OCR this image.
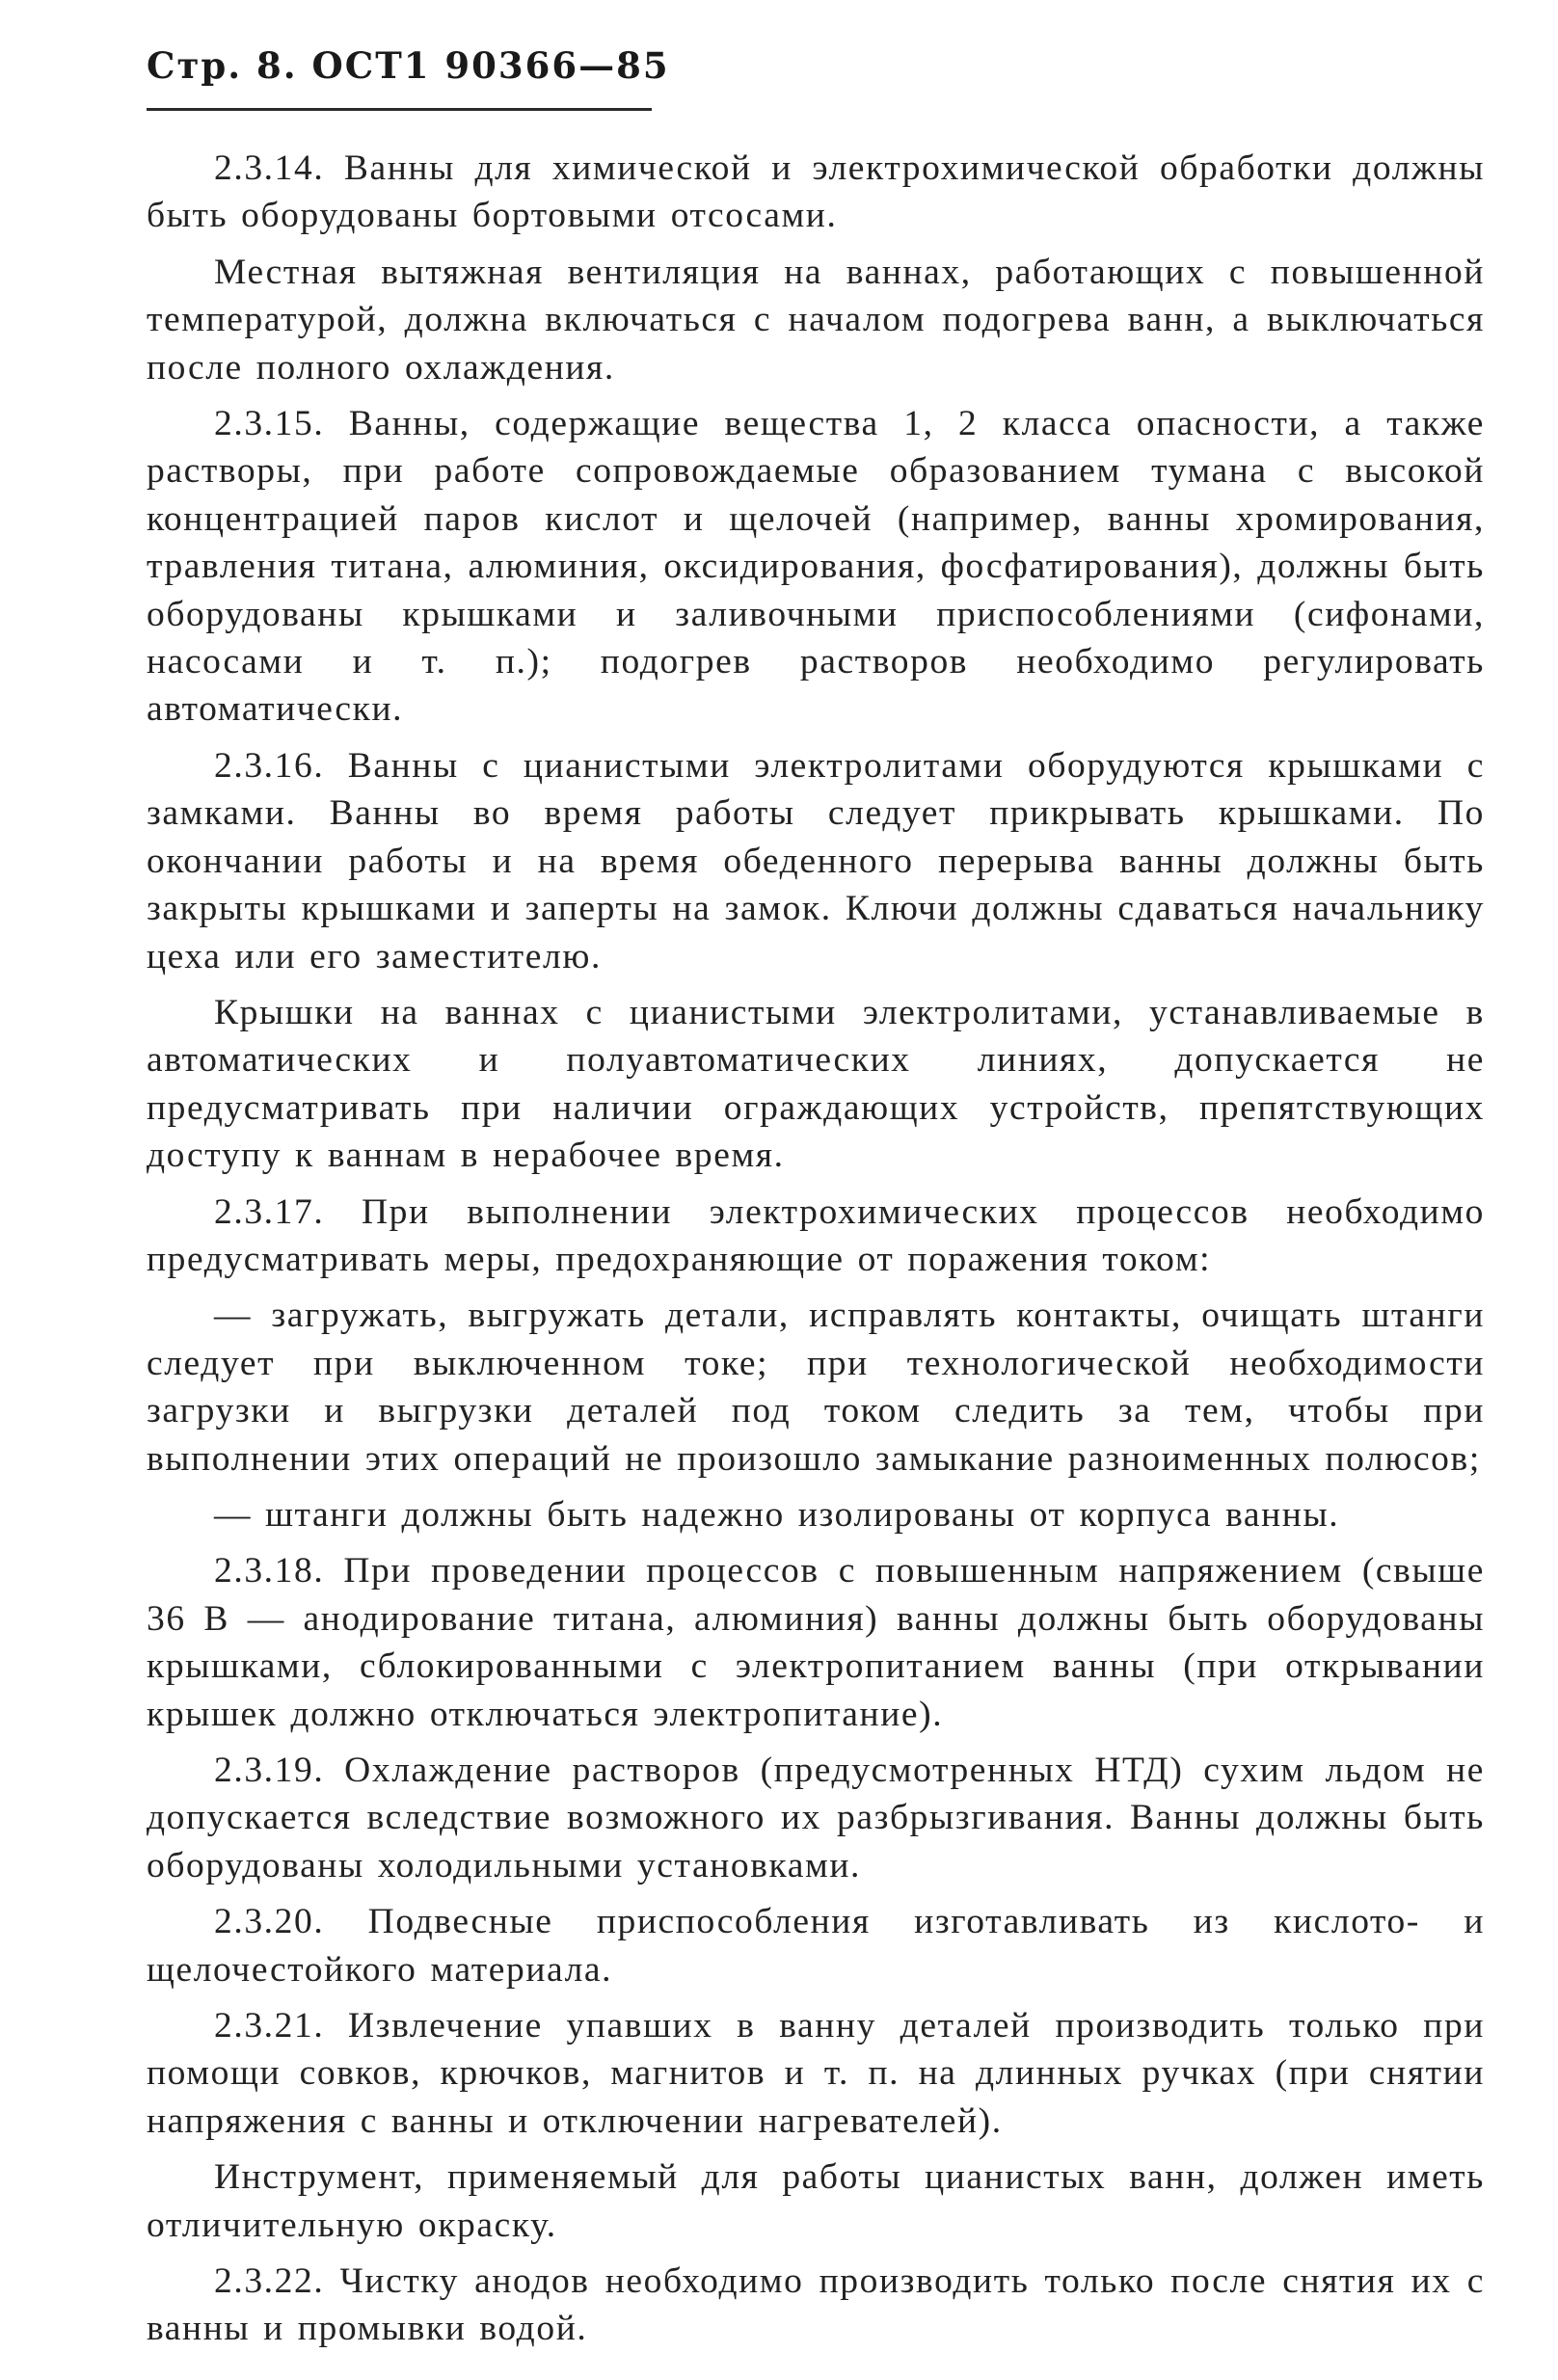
Стр. 8. ОСТ1 90366—85

2.3.14. Ванны для химической и электрохимической обработки должны быть оборудованы бортовыми отсосами.

Местная вытяжная вентиляция на ваннах, работающих с повышенной температурой, должна включаться с началом подогрева ванн, а выключаться после полного охлаждения.

2.3.15. Ванны, содержащие вещества 1, 2 класса опасности, а также растворы, при работе сопровождаемые образованием тумана с высокой концентрацией паров кислот и щелочей (например, ванны хромирования, травления титана, алюминия, оксидирования, фосфатирования), должны быть оборудованы крышками и заливочными приспособлениями (сифонами, насосами и т. п.); подогрев растворов необходимо регулировать автоматически.

2.3.16. Ванны с цианистыми электролитами оборудуются крышками с замками. Ванны во время работы следует прикрывать крышками. По окончании работы и на время обеденного перерыва ванны должны быть закрыты крышками и заперты на замок. Ключи должны сдаваться начальнику цеха или его заместителю.

Крышки на ваннах с цианистыми электролитами, устанавливаемые в автоматических и полуавтоматических линиях, допускается не предусматривать при наличии ограждающих устройств, препятствующих доступу к ваннам в нерабочее время.

2.3.17. При выполнении электрохимических процессов необходимо предусматривать меры, предохраняющие от поражения током:

— загружать, выгружать детали, исправлять контакты, очищать штанги следует при выключенном токе; при технологической необходимости загрузки и выгрузки деталей под током следить за тем, чтобы при выполнении этих операций не произошло замыкание разноименных полюсов;

— штанги должны быть надежно изолированы от корпуса ванны.

2.3.18. При проведении процессов с повышенным напряжением (свыше 36 В — анодирование титана, алюминия) ванны должны быть оборудованы крышками, сблокированными с электропитанием ванны (при открывании крышек должно отключаться электропитание).

2.3.19. Охлаждение растворов (предусмотренных НТД) сухим льдом не допускается вследствие возможного их разбрызгивания. Ванны должны быть оборудованы холодильными установками.

2.3.20. Подвесные приспособления изготавливать из кислото- и щелочестойкого материала.

2.3.21. Извлечение упавших в ванну деталей производить только при помощи совков, крючков, магнитов и т. п. на длинных ручках (при снятии напряжения с ванны и отключении нагревателей).

Инструмент, применяемый для работы цианистых ванн, должен иметь отличительную окраску.

2.3.22. Чистку анодов необходимо производить только после снятия их с ванны и промывки водой.
